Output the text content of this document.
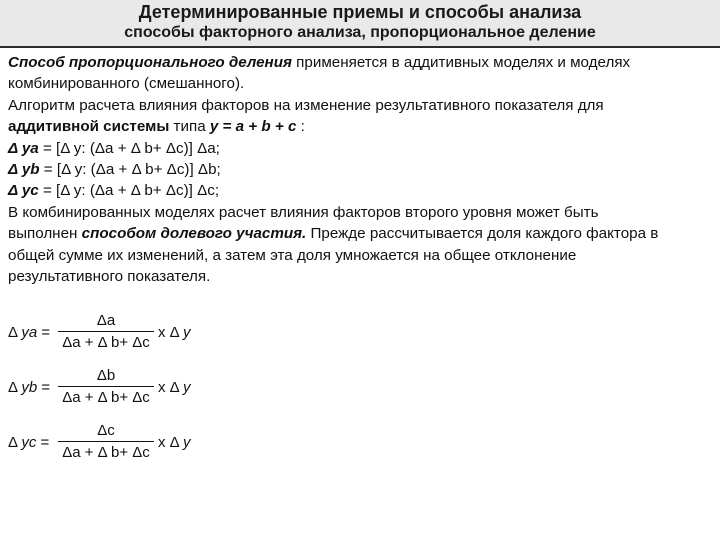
Детерминированные приемы и способы анализа
способы факторного анализа, пропорциональное деление
Способ пропорционального деления применяется в аддитивных моделях и моделях
комбинированного (смешанного).
Алгоритм расчета влияния факторов на изменение результативного показателя для
аддитивной системы типа y = a + b + c :
Δ ya = [Δ y: (Δa + Δ b+ Δc)] Δa;
Δ yb = [Δ y: (Δa + Δ b+ Δc)] Δb;
Δ yc = [Δ y: (Δa + Δ b+ Δc)] Δc;
В комбинированных моделях расчет влияния факторов второго уровня может быть
выполнен способом долевого участия. Прежде рассчитывается доля каждого фактора в
общей сумме их изменений, а затем эта доля умножается на общее отклонение
результативного показателя.
Δ ya =
Δa
Δa + Δ b+ Δc
x Δ y
Δ yb =
Δb
Δa + Δ b+ Δc
x Δ y
Δ yc =
Δc
Δa + Δ b+ Δc
x Δ y
